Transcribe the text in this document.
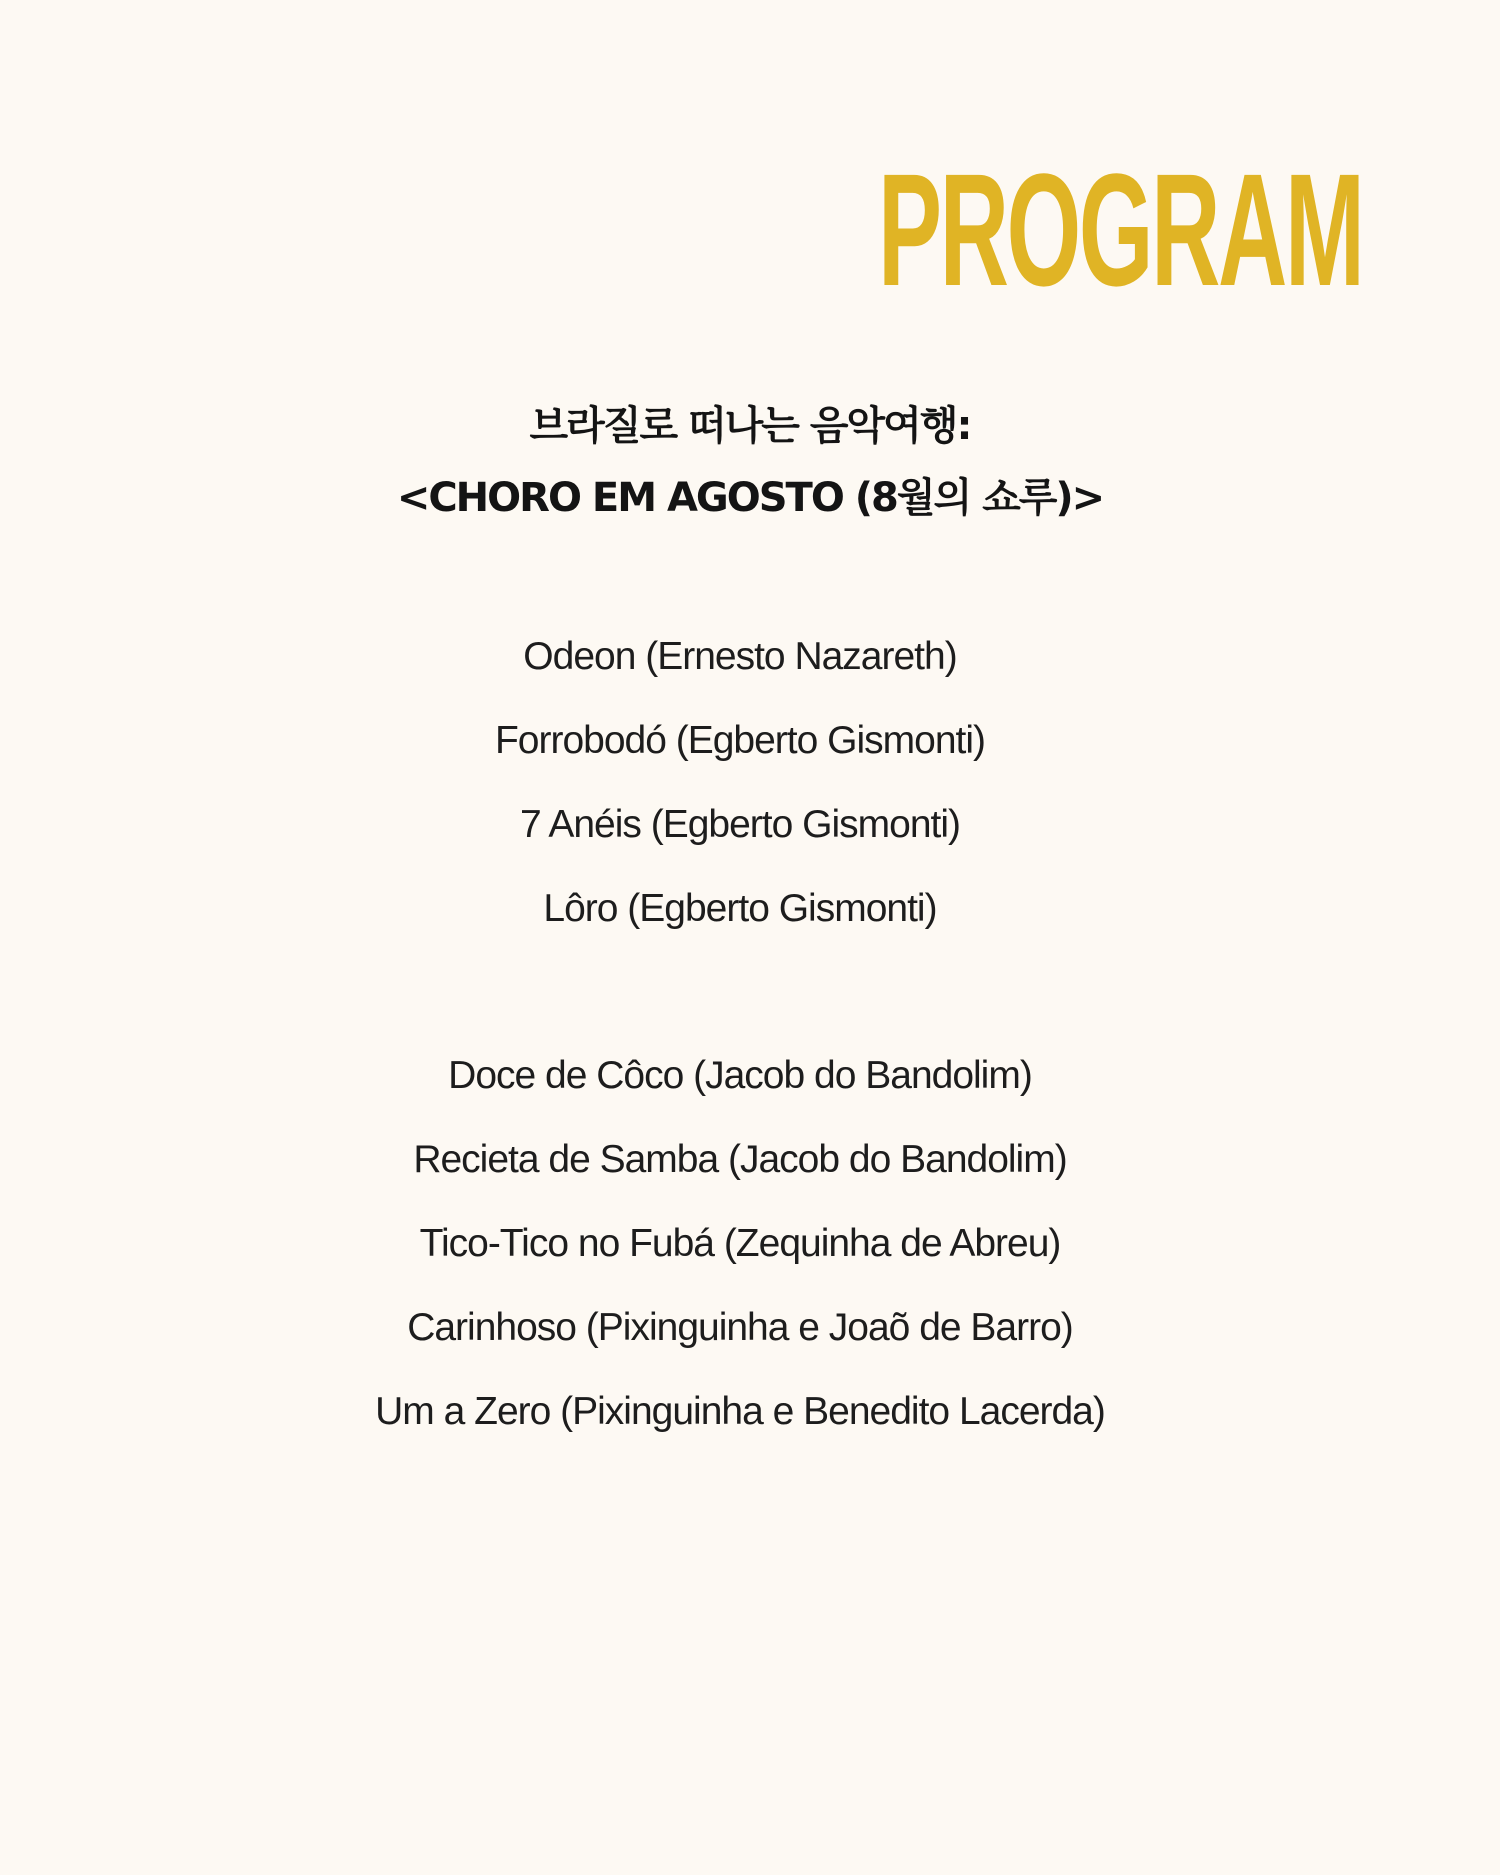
PROGRAM
브라질로 떠나는 음악여행:
<CHORO EM AGOSTO (8월의 쇼루)>
Odeon (Ernesto Nazareth)
Forrobodó (Egberto Gismonti)
7 Anéis (Egberto Gismonti)
Lôro (Egberto Gismonti)
Doce de Côco (Jacob do Bandolim)
Recieta de Samba (Jacob do Bandolim)
Tico-Tico no Fubá (Zequinha de Abreu)
Carinhoso (Pixinguinha e Joaõ de Barro)
Um a Zero (Pixinguinha e Benedito Lacerda)
